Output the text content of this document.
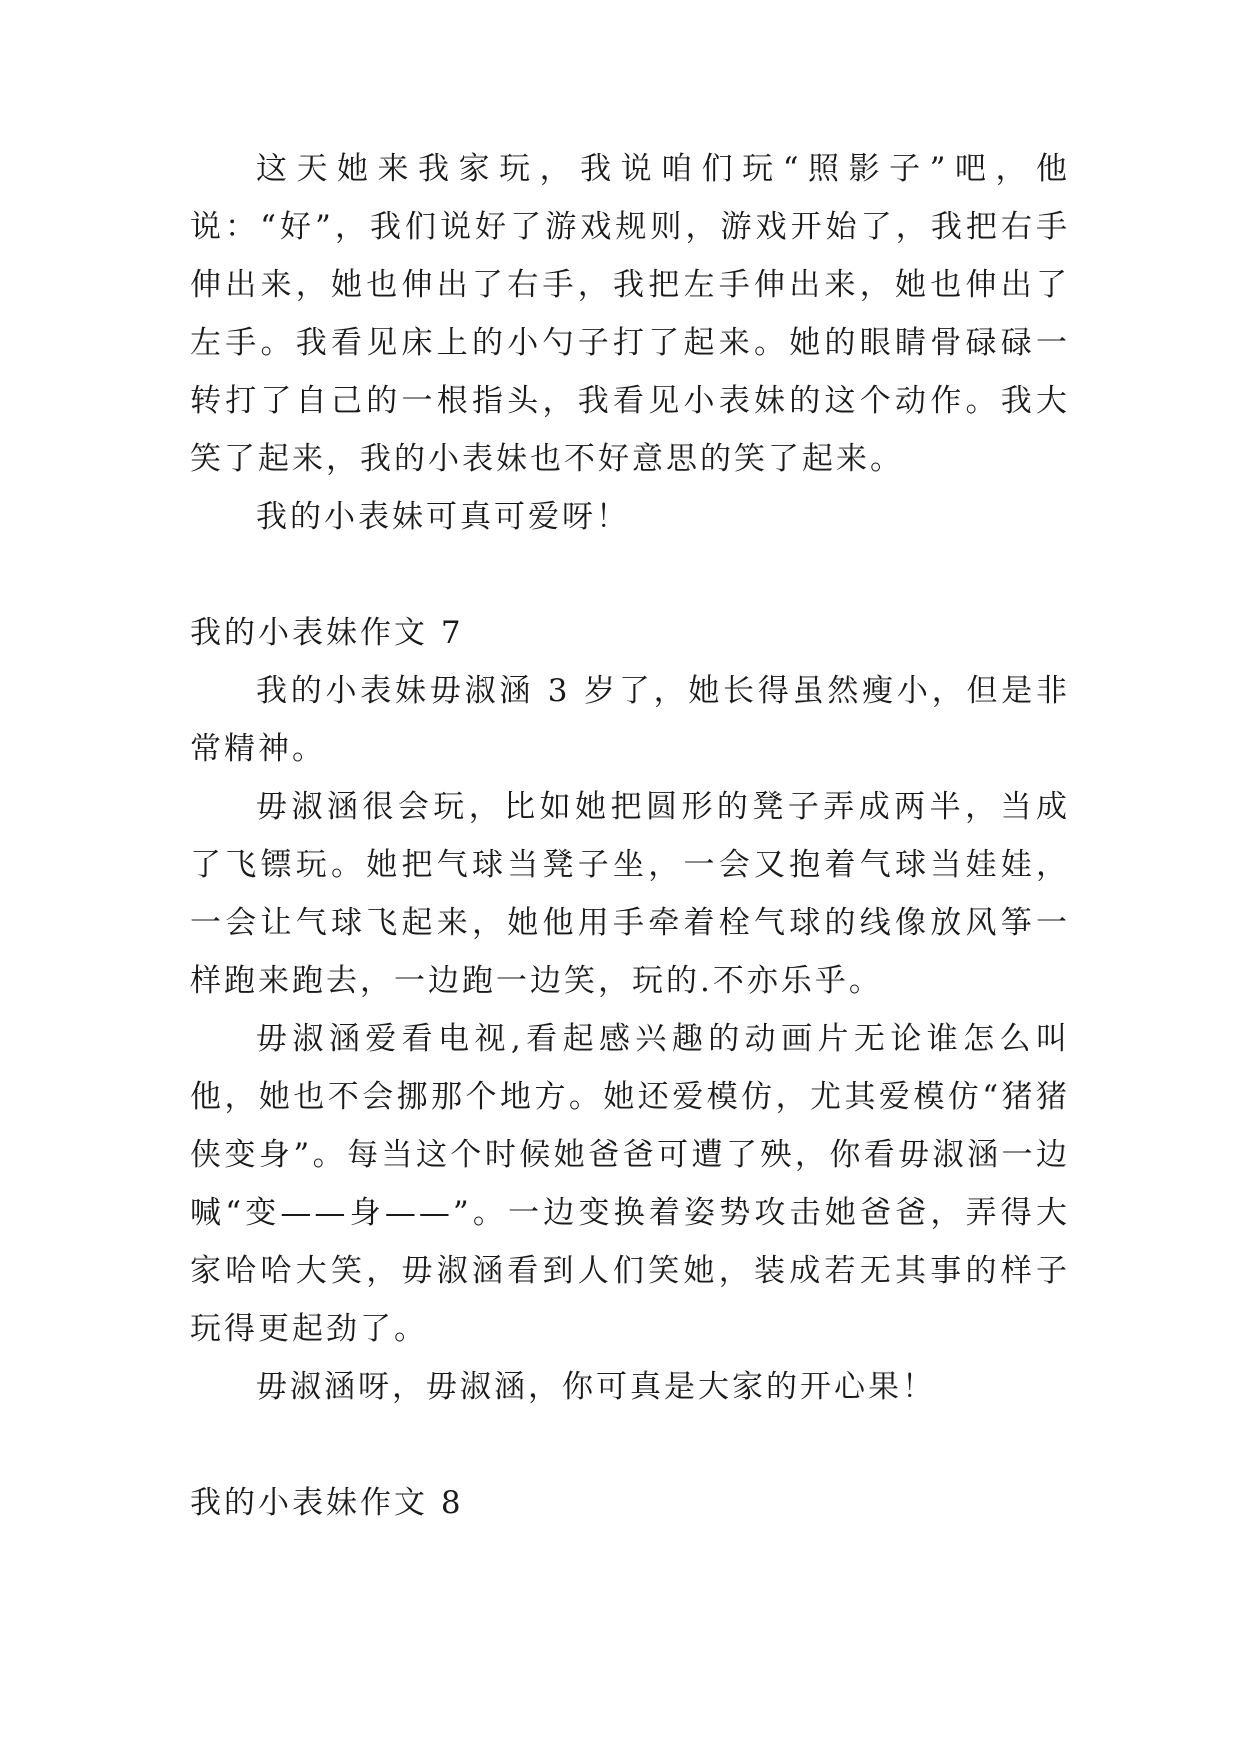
这天她来我家玩，我说咱们玩“照影子”吧，他说：“好”，我们说好了游戏规则，游戏开始了，我把右手伸出来，她也伸出了右手，我把左手伸出来，她也伸出了左手。我看见床上的小勺子打了起来。她的眼睛骨碌碌一转打了自己的一根指头，我看见小表妹的这个动作。我大笑了起来，我的小表妹也不好意思的笑了起来。

我的小表妹可真可爱呀！

我的小表妹作文 7

我的小表妹毋淑涵 3 岁了，她长得虽然瘦小，但是非常精神。

毋淑涵很会玩，比如她把圆形的凳子弄成两半，当成了飞镖玩。她把气球当凳子坐，一会又抱着气球当娃娃，一会让气球飞起来，她他用手牵着栓气球的线像放风筝一样跑来跑去，一边跑一边笑，玩的.不亦乐乎。

毋淑涵爱看电视,看起感兴趣的动画片无论谁怎么叫他，她也不会挪那个地方。她还爱模仿，尤其爱模仿“猪猪侠变身”。每当这个时候她爸爸可遭了殃，你看毋淑涵一边喊“变——身——”。一边变换着姿势攻击她爸爸，弄得大家哈哈大笑，毋淑涵看到人们笑她，装成若无其事的样子玩得更起劲了。

毋淑涵呀，毋淑涵，你可真是大家的开心果！

我的小表妹作文 8
